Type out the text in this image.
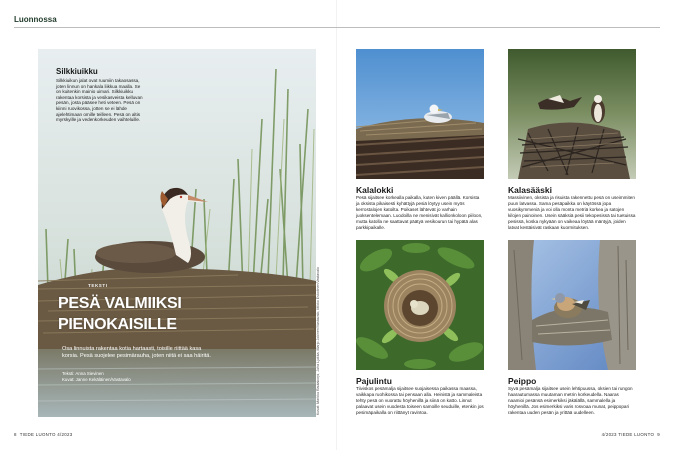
Luonnossa
Silkkiuikku
Silkkiuikun jalat ovat ruumiin takaosassa, joten linnun on hankala liikkua maalla. Se on kuitenkin mainio uimari. Silkkiuikku rakentaa korsista ja vesikasveista kelluvan pesän, josta pääsee heti veteen. Pesä on kiinni ruovikossa, jotten se ei lähde ajelehtimaan omille teilleen. Pesä on altis myrskyille ja vedenkorkeuden vaihteluille.
TEKSTI
PESÄ VALMIIKSI PIENOKAISILLE
Osa linnuista rakentaa kotia hartaasti, toisille riittää kasa korsia. Pesä suojelee pesimärauha, joten niitä ei saa häiritä.
Teksti: Anna Sievinen
Kuvat: Janne Kekäläinen/Vastavalo	Kuvat: Markku Rautakorpi, Juha Ljukka, Marjo Jokinen/Vastavalo, Mikko Eskolinen/Vastavalo
Kalalokki
Pesä sijaitsee korkealla paikalla, kuten kiven päällä. Korsista ja oksista pikaisesti kyhättyjä pesiä löytyy usein myös kerrostalojen katoilta. Poikaset lähtevät jo varhain juoksentelemaan. Luodoilla ne menisivät kallionkoloon piiloon, mutta katolla ne saattavat päätyä vesikourun tai hypätä alas parkkipaikalle.
Kalasääski
Massiivinen, oksista ja risuista rakennettu pesä on useimmiten puun latvassa. Sama pesäpaikka on käytössä jopa vuosikymmeniä ja voi olla monta metriä korkea ja satojen kilojen painoinen. Usein sääksiä pesii tekopesissä tai tuetuissa pesissä, koska nykyään on vaikeaa löytää mäntyjä, joiden latvat kestäisivät raskaan kuormituksen.
Pajulintu
Tiiviskos pesämalja sijaitsee suojaisessa paikassa maassa, vaikkapa ruohikossa tai pensaan alla. Heinistä ja sammaleista tehty pesä on vuorattu höyhenillä ja siinä on katto. Linnut palaavat usein vuodesta toiseen samoille seuduille, etenkin jos pesimäpaikalla on riittänyt ravintoa.
Peippo
Syvä pesämalja sijaitsee usein lehtipuussa, oksien tai rungon haarautumassa muutaman metrin korkeudella. Naaras naamioi pesänsä esimerkiksi jäkälällä, sammalella ja höyhenillä. Jos esimerkiksi varis rosvoaa munat, peippopari rakentaa uuden pesän ja yrittää uudelleen.
8 TIEDE LUONTO 4/2023	4/2023 TIEDE LUONTO 9
